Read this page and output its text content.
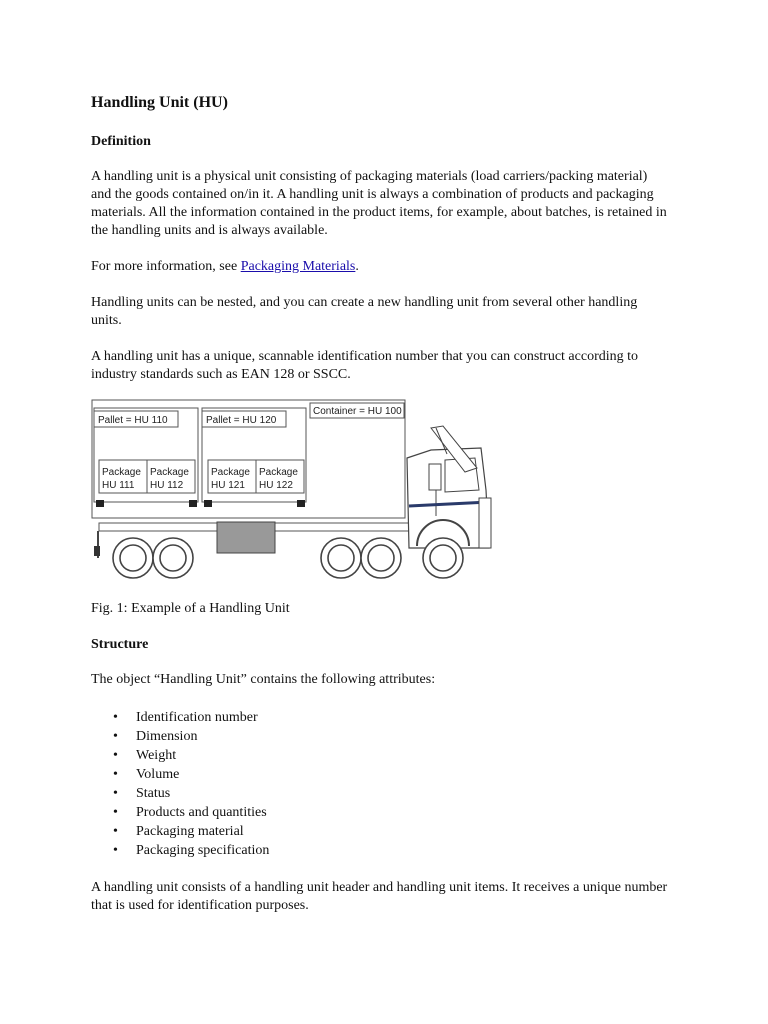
Handling Unit (HU)
Definition

A handling unit is a physical unit consisting of packaging materials (load carriers/packing material) and the goods contained on/in it. A handling unit is always a combination of products and packaging materials. All the information contained in the product items, for example, about batches, is retained in the handling units and is always available.

For more information, see Packaging Materials.

Handling units can be nested, and you can create a new handling unit from several other handling units.

A handling unit has a unique, scannable identification number that you can construct according to industry standards such as EAN 128 or SSCC.

Container = HU 100
Pallet = HU 110
Package
HU 111
Package
HU 112
Pallet = HU 120
Package
HU 121
Package
HU 122

Fig. 1: Example of a Handling Unit

Structure

The object “Handling Unit” contains the following attributes:

• Identification number
• Dimension
• Weight
• Volume
• Status
• Products and quantities
• Packaging material
• Packaging specification

A handling unit consists of a handling unit header and handling unit items. It receives a unique number that is used for identification purposes.
